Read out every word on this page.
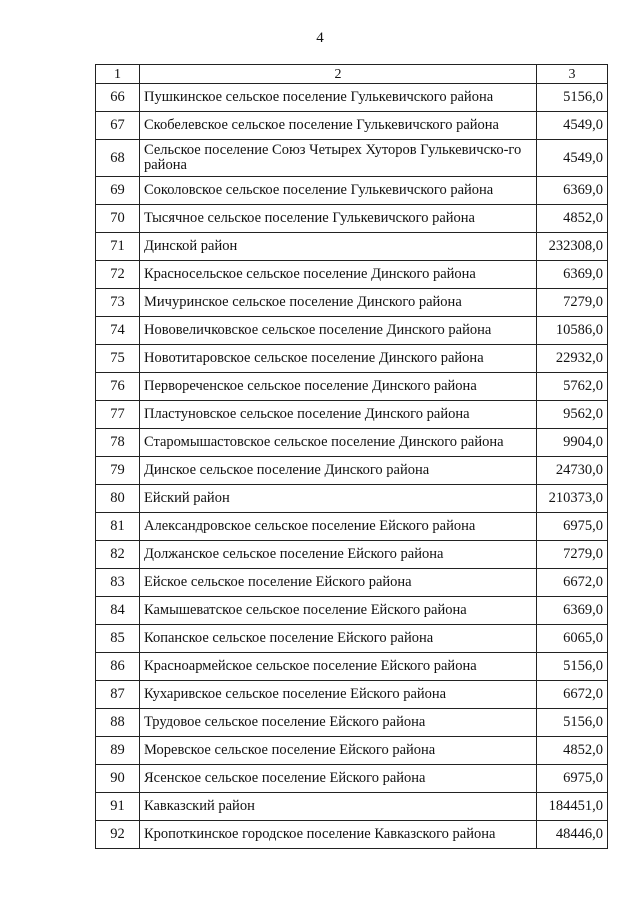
4
1	2	3
66	Пушкинское сельское поселение Гулькевичского района	5156,0
67	Скобелевское сельское поселение Гулькевичского района	4549,0
68	Сельское поселение Союз Четырех Хуторов Гулькевичско-го района	4549,0
69	Соколовское сельское поселение Гулькевичского района	6369,0
70	Тысячное сельское поселение Гулькевичского района	4852,0
71	Динской район	232308,0
72	Красносельское сельское поселение Динского района	6369,0
73	Мичуринское сельское поселение Динского района	7279,0
74	Нововеличковское сельское поселение Динского района	10586,0
75	Новотитаровское сельское поселение Динского района	22932,0
76	Первореченское сельское поселение Динского района	5762,0
77	Пластуновское сельское поселение Динского района	9562,0
78	Старомышастовское сельское поселение Динского района	9904,0
79	Динское сельское поселение Динского района	24730,0
80	Ейский район	210373,0
81	Александровское сельское поселение Ейского района	6975,0
82	Должанское сельское поселение Ейского района	7279,0
83	Ейское сельское поселение Ейского района	6672,0
84	Камышеватское сельское поселение Ейского района	6369,0
85	Копанское сельское поселение Ейского района	6065,0
86	Красноармейское сельское поселение Ейского района	5156,0
87	Кухаривское сельское поселение Ейского района	6672,0
88	Трудовое сельское поселение Ейского района	5156,0
89	Моревское сельское поселение Ейского района	4852,0
90	Ясенское сельское поселение Ейского района	6975,0
91	Кавказский район	184451,0
92	Кропоткинское городское поселение Кавказского района	48446,0
